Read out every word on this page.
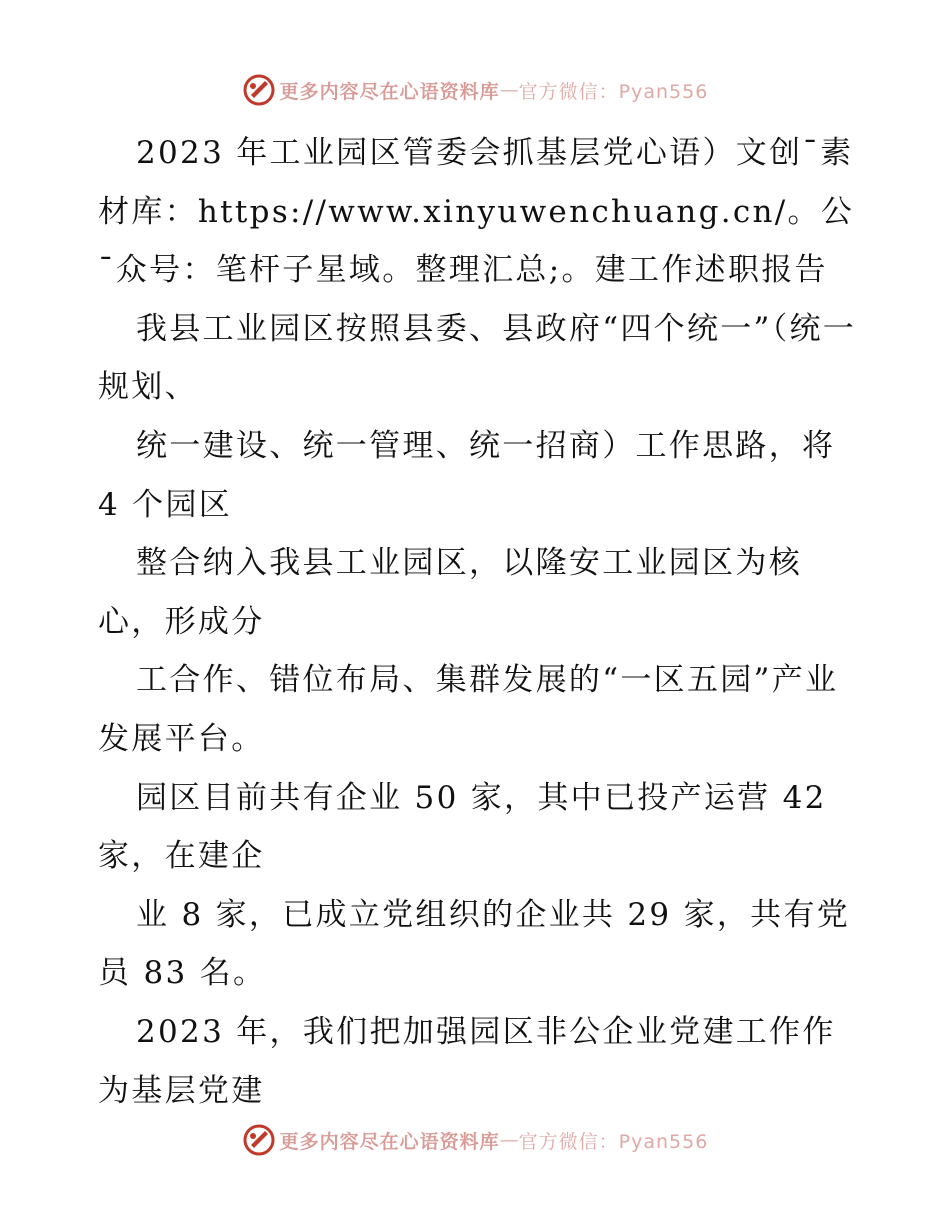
更多内容尽在心语资料库 — 官方微信：Pyan556

2023 年工业园区管委会抓基层党心语）文创¯素材库：https://www.xinyuwenchuang.cn/。公¯众号：笔杆子星域。整理汇总;。建工作述职报告

我县工业园区按照县委、县政府“四个统一”（统一规划、

统一建设、统一管理、统一招商）工作思路，将 4 个园区

整合纳入我县工业园区，以隆安工业园区为核心，形成分

工合作、错位布局、集群发展的“一区五园”产业发展平台。

园区目前共有企业 50 家，其中已投产运营 42 家，在建企

业 8 家，已成立党组织的企业共 29 家，共有党员 83 名。

2023 年，我们把加强园区非公企业党建工作作为基层党建

更多内容尽在心语资料库 — 官方微信：Pyan556
